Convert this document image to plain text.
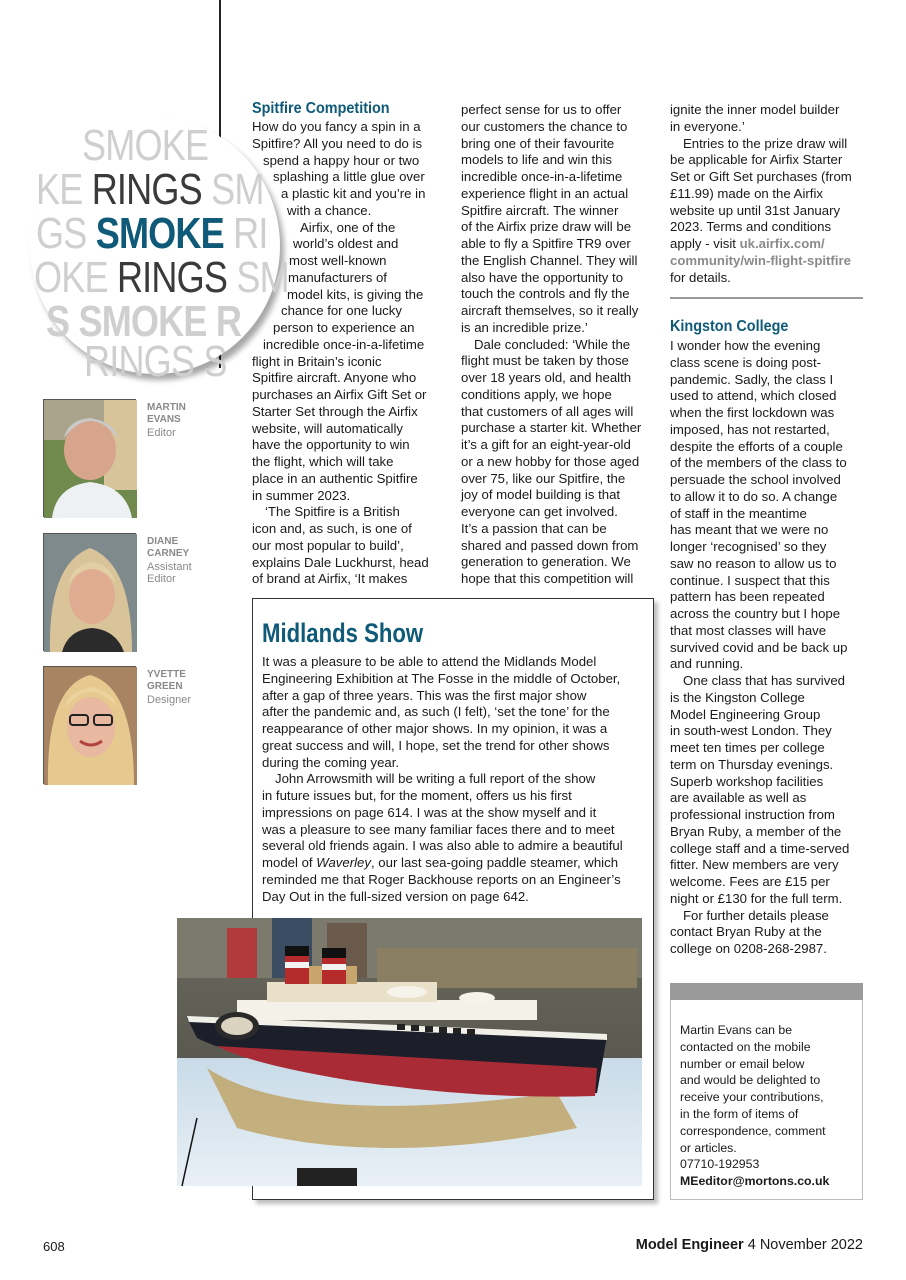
SMOKE
KE RINGS SM
GS SMOKE RI
OKE RINGS SM
S SMOKE R
RINGS S
MARTIN EVANS
Editor
DIANE CARNEY
Assistant Editor
YVETTE GREEN
Designer
Spitfire Competition

How do you fancy a spin in a

Spitfire? All you need to do is

spend a happy hour or two

splashing a little glue over

a plastic kit and you’re in

with a chance.

Airfix, one of the

world’s oldest and

most well-known

manufacturers of

model kits, is giving the

chance for one lucky

person to experience an

incredible once-in-a-lifetime

flight in Britain’s iconic

Spitfire aircraft. Anyone who

purchases an Airfix Gift Set or

Starter Set through the Airfix

website, will automatically

have the opportunity to win

the flight, which will take

place in an authentic Spitfire

in summer 2023.

‘The Spitfire is a British

icon and, as such, is one of

our most popular to build’,

explains Dale Luckhurst, head

of brand at Airfix, ‘It makes

perfect sense for us to offer

our customers the chance to

bring one of their favourite

models to life and win this

incredible once-in-a-lifetime

experience flight in an actual

Spitfire aircraft. The winner

of the Airfix prize draw will be

able to fly a Spitfire TR9 over

the English Channel. They will

also have the opportunity to

touch the controls and fly the

aircraft themselves, so it really

is an incredible prize.’

Dale concluded: ‘While the

flight must be taken by those

over 18 years old, and health

conditions apply, we hope

that customers of all ages will

purchase a starter kit. Whether

it’s a gift for an eight-year-old

or a new hobby for those aged

over 75, like our Spitfire, the

joy of model building is that

everyone can get involved.

It’s a passion that can be

shared and passed down from

generation to generation. We

hope that this competition will

ignite the inner model builder

in everyone.’

Entries to the prize draw will

be applicable for Airfix Starter

Set or Gift Set purchases (from

£11.99) made on the Airfix

website up until 31st January

2023. Terms and conditions

apply - visit uk.airfix.com/

community/win-flight-spitfire

for details.

Kingston College

I wonder how the evening

class scene is doing post-

pandemic. Sadly, the class I

used to attend, which closed

when the first lockdown was

imposed, has not restarted,

despite the efforts of a couple

of the members of the class to

persuade the school involved

to allow it to do so. A change

of staff in the meantime

has meant that we were no

longer ‘recognised’ so they

saw no reason to allow us to

continue. I suspect that this

pattern has been repeated

across the country but I hope

that most classes will have

survived covid and be back up

and running.

One class that has survived

is the Kingston College

Model Engineering Group

in south-west London. They

meet ten times per college

term on Thursday evenings.

Superb workshop facilities

are available as well as

professional instruction from

Bryan Ruby, a member of the

college staff and a time-served

fitter. New members are very

welcome. Fees are £15 per

night or £130 for the full term.

For further details please

contact Bryan Ruby at the

college on 0208-268-2987.

Midlands Show

It was a pleasure to be able to attend the Midlands Model

Engineering Exhibition at The Fosse in the middle of October,

after a gap of three years. This was the first major show

after the pandemic and, as such (I felt), ‘set the tone’ for the

reappearance of other major shows. In my opinion, it was a

great success and will, I hope, set the trend for other shows

during the coming year.

John Arrowsmith will be writing a full report of the show

in future issues but, for the moment, offers us his first

impressions on page 614. I was at the show myself and it

was a pleasure to see many familiar faces there and to meet

several old friends again. I was also able to admire a beautiful

model of Waverley, our last sea-going paddle steamer, which

reminded me that Roger Backhouse reports on an Engineer’s

Day Out in the full-sized version on page 642.

Martin Evans can be

contacted on the mobile

number or email below

and would be delighted to

receive your contributions,

in the form of items of

correspondence, comment

or articles.

07710-192953

MEeditor@mortons.co.uk

608	Model Engineer 4 November 2022
